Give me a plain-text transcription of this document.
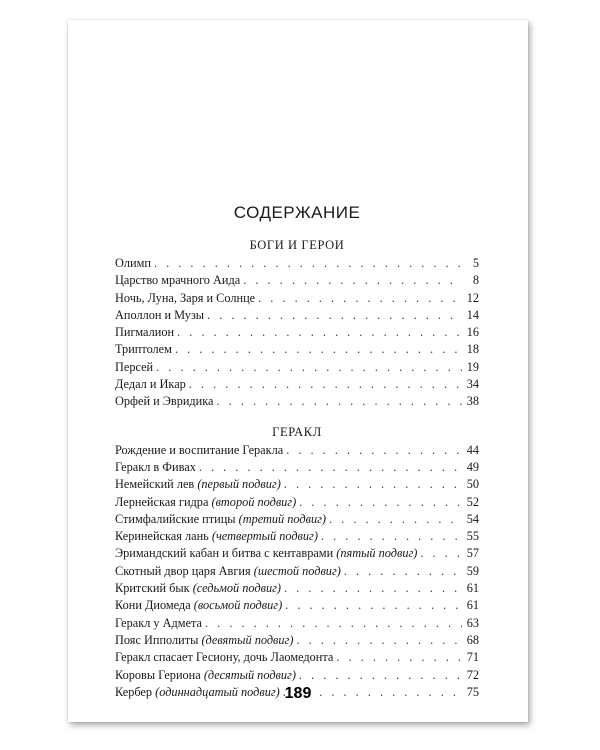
СОДЕРЖАНИЕ
БОГИ И ГЕРОИ
Олимп . . .	5
Царство мрачного Аида . . .	8
Ночь, Луна, Заря и Солнце . . .	12
Аполлон и Музы . . .	14
Пигмалион . . .	16
Триптолем . . .	18
Персей . . .	19
Дедал и Икар . . .	34
Орфей и Эвридика . . .	38
ГЕРАКЛ
Рождение и воспитание Геракла . . .	44
Геракл в Фивах . . .	49
Немейский лев (первый подвиг) . . .	50
Лернейская гидра (второй подвиг) . . .	52
Стимфалийские птицы (третий подвиг) . . .	54
Керинейская лань (четвертый подвиг) . . .	55
Эримандский кабан и битва с кентаврами (пятый подвиг) . . .	57
Скотный двор царя Авгия (шестой подвиг) . . .	59
Критский бык (седьмой подвиг) . . .	61
Кони Диомеда (восьмой подвиг) . . .	61
Геракл у Адмета . . .	63
Пояс Ипполиты (девятый подвиг) . . .	68
Геракл спасает Гесиону, дочь Лаомедонта . . .	71
Коровы Гериона (десятый подвиг) . . .	72
Кербер (одиннадцатый подвиг) . . .	75
189
